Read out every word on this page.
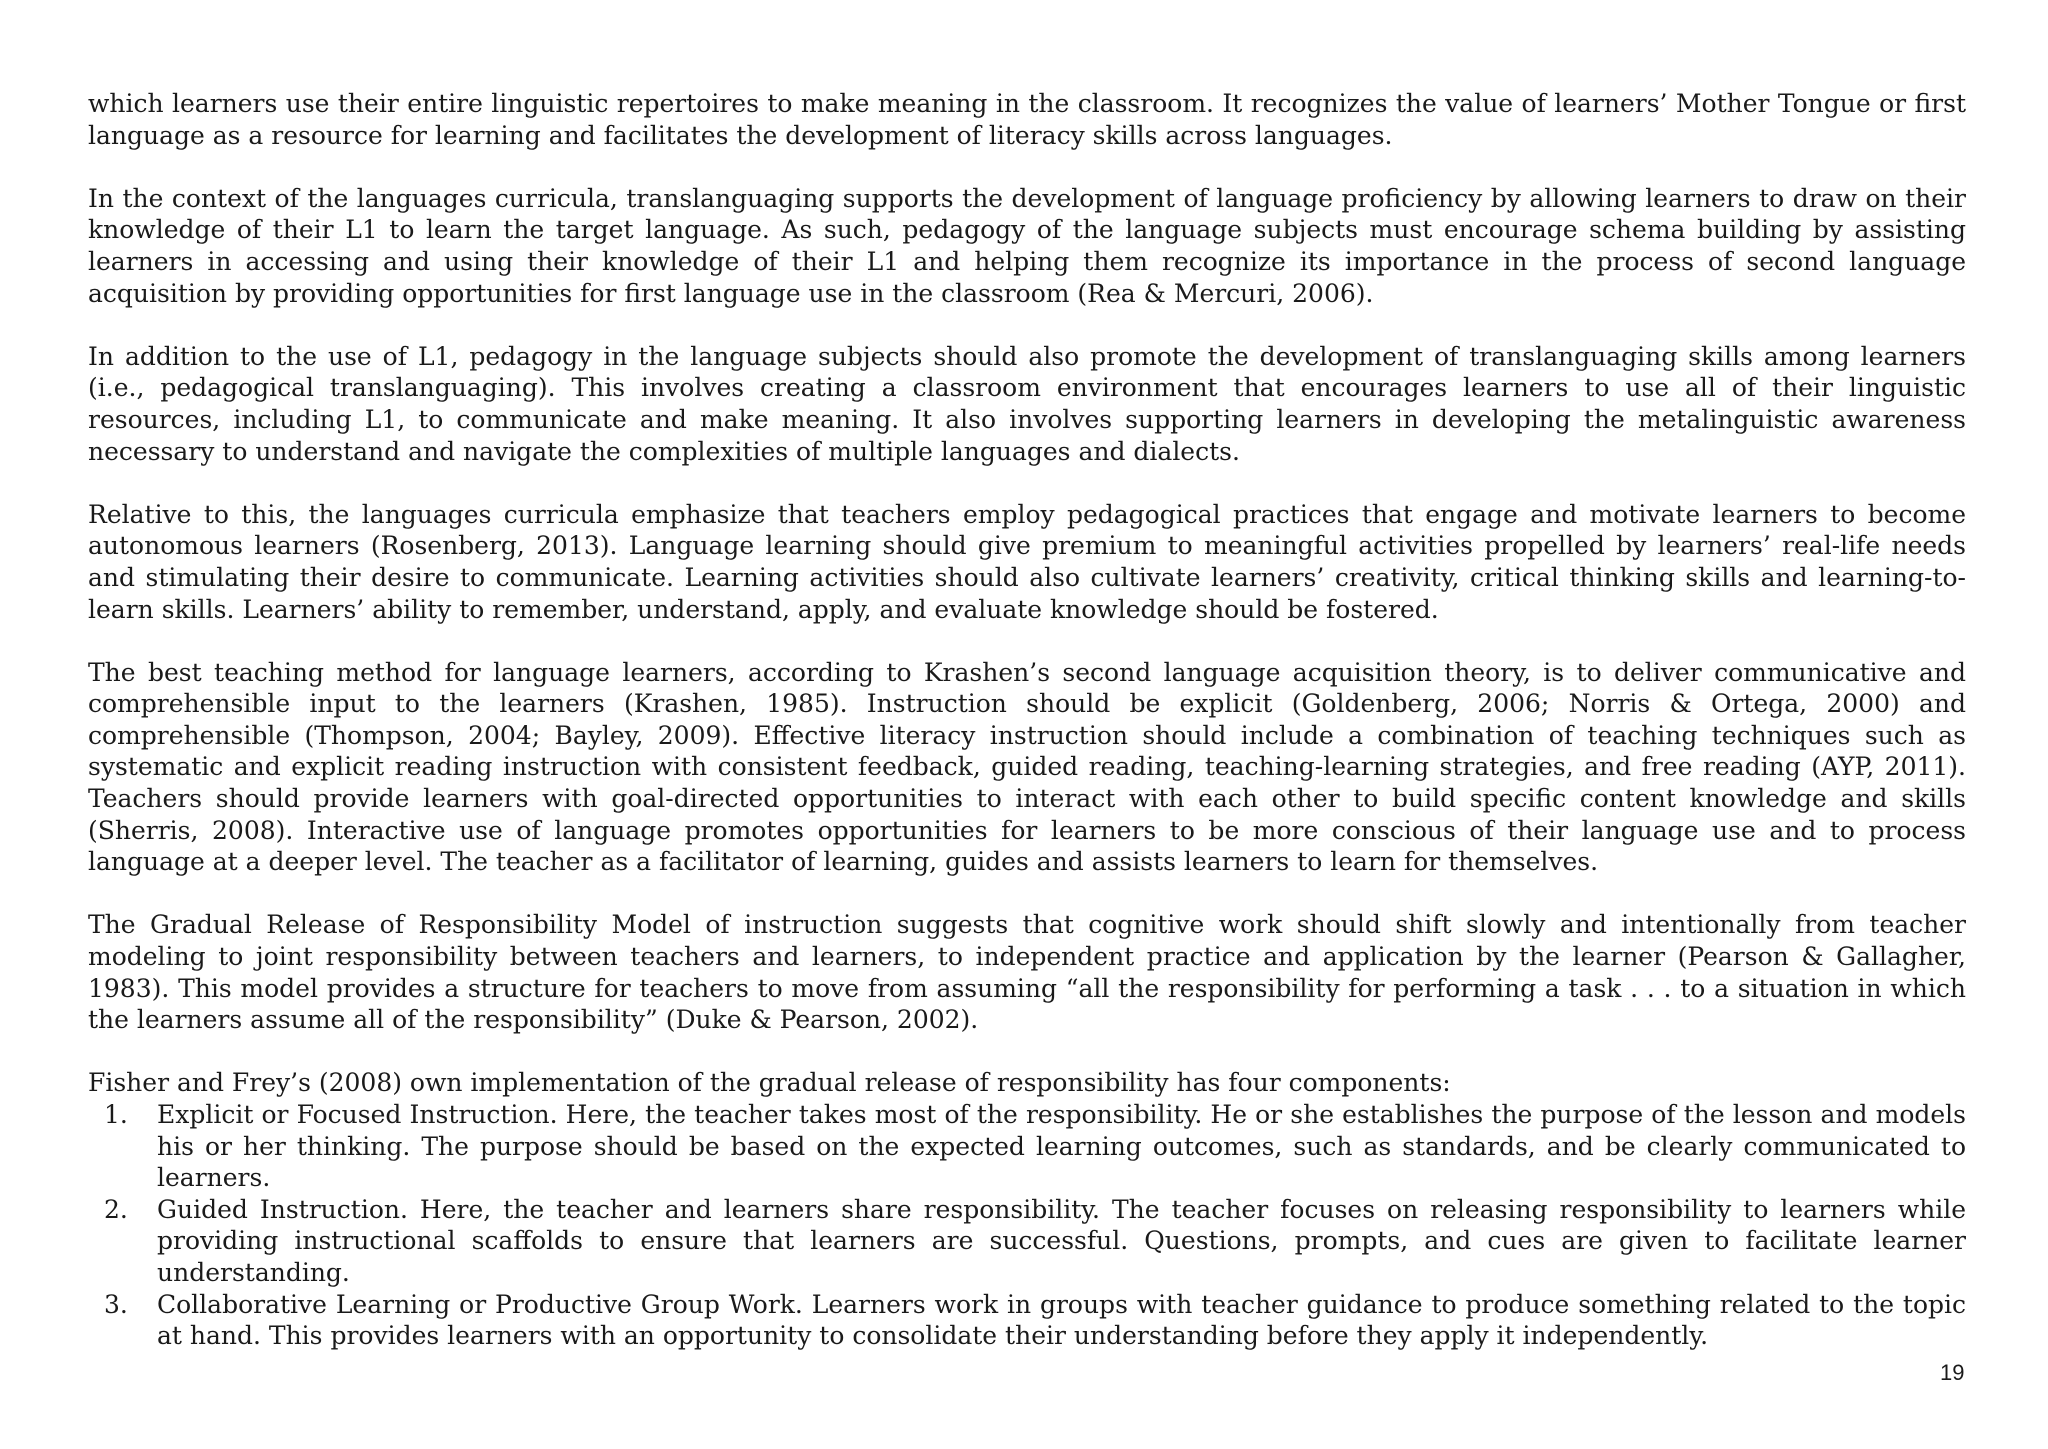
which learners use their entire linguistic repertoires to make meaning in the classroom. It recognizes the value of learners’ Mother Tongue or first language as a resource for learning and facilitates the development of literacy skills across languages.

In the context of the languages curricula, translanguaging supports the development of language proficiency by allowing learners to draw on their knowledge of their L1 to learn the target language. As such, pedagogy of the language subjects must encourage schema building by assisting learners in accessing and using their knowledge of their L1 and helping them recognize its importance in the process of second language acquisition by providing opportunities for first language use in the classroom (Rea & Mercuri, 2006).

In addition to the use of L1, pedagogy in the language subjects should also promote the development of translanguaging skills among learners (i.e., pedagogical translanguaging). This involves creating a classroom environment that encourages learners to use all of their linguistic resources, including L1, to communicate and make meaning. It also involves supporting learners in developing the metalinguistic awareness necessary to understand and navigate the complexities of multiple languages and dialects.

Relative to this, the languages curricula emphasize that teachers employ pedagogical practices that engage and motivate learners to become autonomous learners (Rosenberg, 2013). Language learning should give premium to meaningful activities propelled by learners’ real-life needs and stimulating their desire to communicate. Learning activities should also cultivate learners’ creativity, critical thinking skills and learning-to-learn skills. Learners’ ability to remember, understand, apply, and evaluate knowledge should be fostered.

The best teaching method for language learners, according to Krashen’s second language acquisition theory, is to deliver communicative and comprehensible input to the learners (Krashen, 1985). Instruction should be explicit (Goldenberg, 2006; Norris & Ortega, 2000) and comprehensible (Thompson, 2004; Bayley, 2009). Effective literacy instruction should include a combination of teaching techniques such as systematic and explicit reading instruction with consistent feedback, guided reading, teaching-learning strategies, and free reading (AYP, 2011). Teachers should provide learners with goal-directed opportunities to interact with each other to build specific content knowledge and skills (Sherris, 2008). Interactive use of language promotes opportunities for learners to be more conscious of their language use and to process language at a deeper level. The teacher as a facilitator of learning, guides and assists learners to learn for themselves.

The Gradual Release of Responsibility Model of instruction suggests that cognitive work should shift slowly and intentionally from teacher modeling to joint responsibility between teachers and learners, to independent practice and application by the learner (Pearson & Gallagher, 1983). This model provides a structure for teachers to move from assuming “all the responsibility for performing a task . . . to a situation in which the learners assume all of the responsibility” (Duke & Pearson, 2002).

Fisher and Frey’s (2008) own implementation of the gradual release of responsibility has four components:

1.	Explicit or Focused Instruction. Here, the teacher takes most of the responsibility. He or she establishes the purpose of the lesson and models his or her thinking. The purpose should be based on the expected learning outcomes, such as standards, and be clearly communicated to learners.
2.	Guided Instruction. Here, the teacher and learners share responsibility. The teacher focuses on releasing responsibility to learners while providing instructional scaffolds to ensure that learners are successful. Questions, prompts, and cues are given to facilitate learner understanding.
3.	Collaborative Learning or Productive Group Work. Learners work in groups with teacher guidance to produce something related to the topic at hand. This provides learners with an opportunity to consolidate their understanding before they apply it independently.
19
